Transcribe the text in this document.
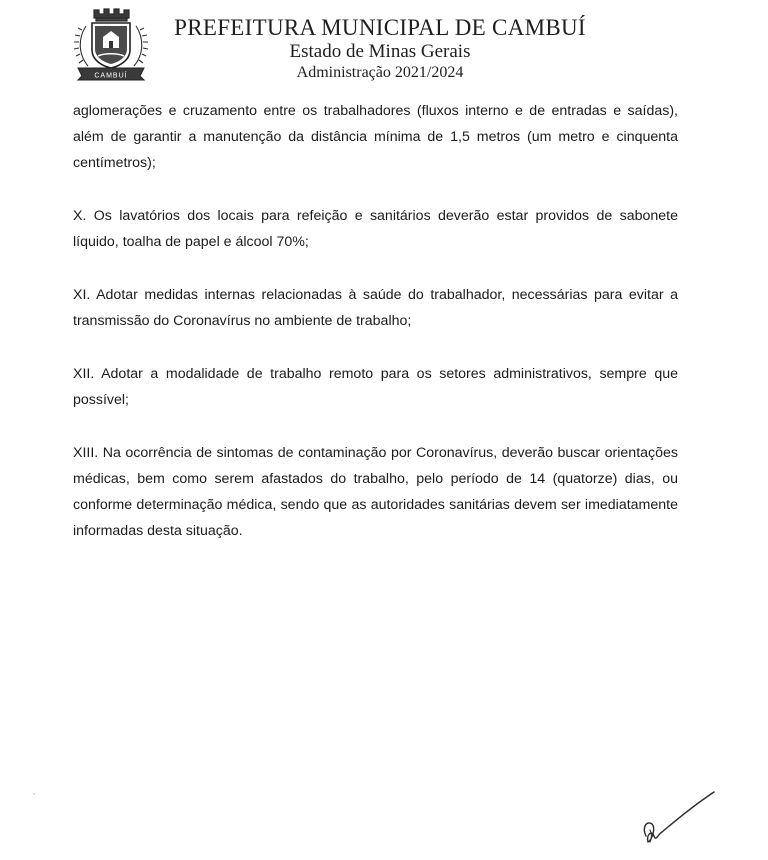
CAMBUÍ
PREFEITURA MUNICIPAL DE CAMBUÍ
Estado de Minas Gerais
Administração 2021/2024

aglomerações e cruzamento entre os trabalhadores (fluxos interno e de entradas e saídas), além de garantir a manutenção da distância mínima de 1,5 metros (um metro e cinquenta centímetros);

X. Os lavatórios dos locais para refeição e sanitários deverão estar providos de sabonete líquido, toalha de papel e álcool 70%;

XI. Adotar medidas internas relacionadas à saúde do trabalhador, necessárias para evitar a transmissão do Coronavírus no ambiente de trabalho;

XII. Adotar a modalidade de trabalho remoto para os setores administrativos, sempre que possível;

XIII. Na ocorrência de sintomas de contaminação por Coronavírus, deverão buscar orientações médicas, bem como serem afastados do trabalho, pelo período de 14 (quatorze) dias, ou conforme determinação médica, sendo que as autoridades sanitárias devem ser imediatamente informadas desta situação.
